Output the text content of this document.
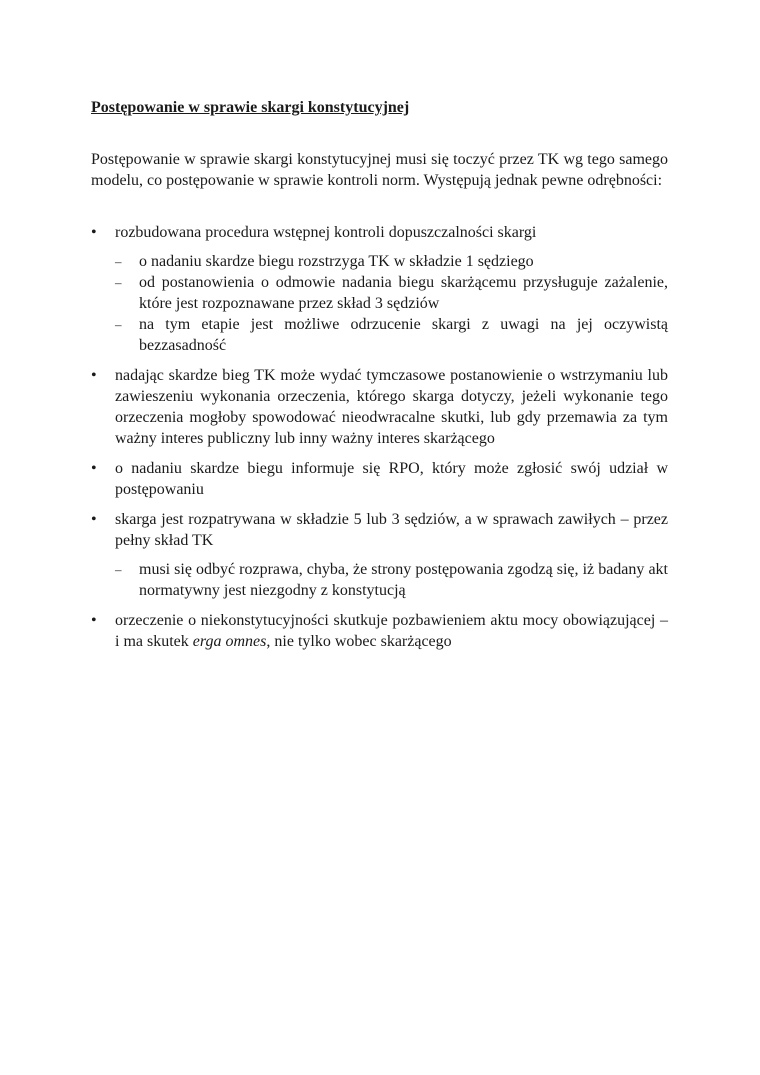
Postępowanie w sprawie skargi konstytucyjnej

Postępowanie w sprawie skargi konstytucyjnej musi się toczyć przez TK wg tego samego modelu, co postępowanie w sprawie kontroli norm. Występują jednak pewne odrębności:

• rozbudowana procedura wstępnej kontroli dopuszczalności skargi
–	o nadaniu skardze biegu rozstrzyga TK w składzie 1 sędziego
–	od postanowienia o odmowie nadania biegu skarżącemu przysługuje zażalenie, które jest rozpoznawane przez skład 3 sędziów
–	na tym etapie jest możliwe odrzucenie skargi z uwagi na jej oczywistą bezzasadność
• nadając skardze bieg TK może wydać tymczasowe postanowienie o wstrzymaniu lub zawieszeniu wykonania orzeczenia, którego skarga dotyczy, jeżeli wykonanie tego orzeczenia mogłoby spowodować nieodwracalne skutki, lub gdy przemawia za tym ważny interes publiczny lub inny ważny interes skarżącego
• o nadaniu skardze biegu informuje się RPO, który może zgłosić swój udział w postępowaniu
• skarga jest rozpatrywana w składzie 5 lub 3 sędziów, a w sprawach zawiłych – przez pełny skład TK
–	musi się odbyć rozprawa, chyba, że strony postępowania zgodzą się, iż badany akt normatywny jest niezgodny z konstytucją
• orzeczenie o niekonstytucyjności skutkuje pozbawieniem aktu mocy obowiązującej – i ma skutek erga omnes, nie tylko wobec skarżącego
